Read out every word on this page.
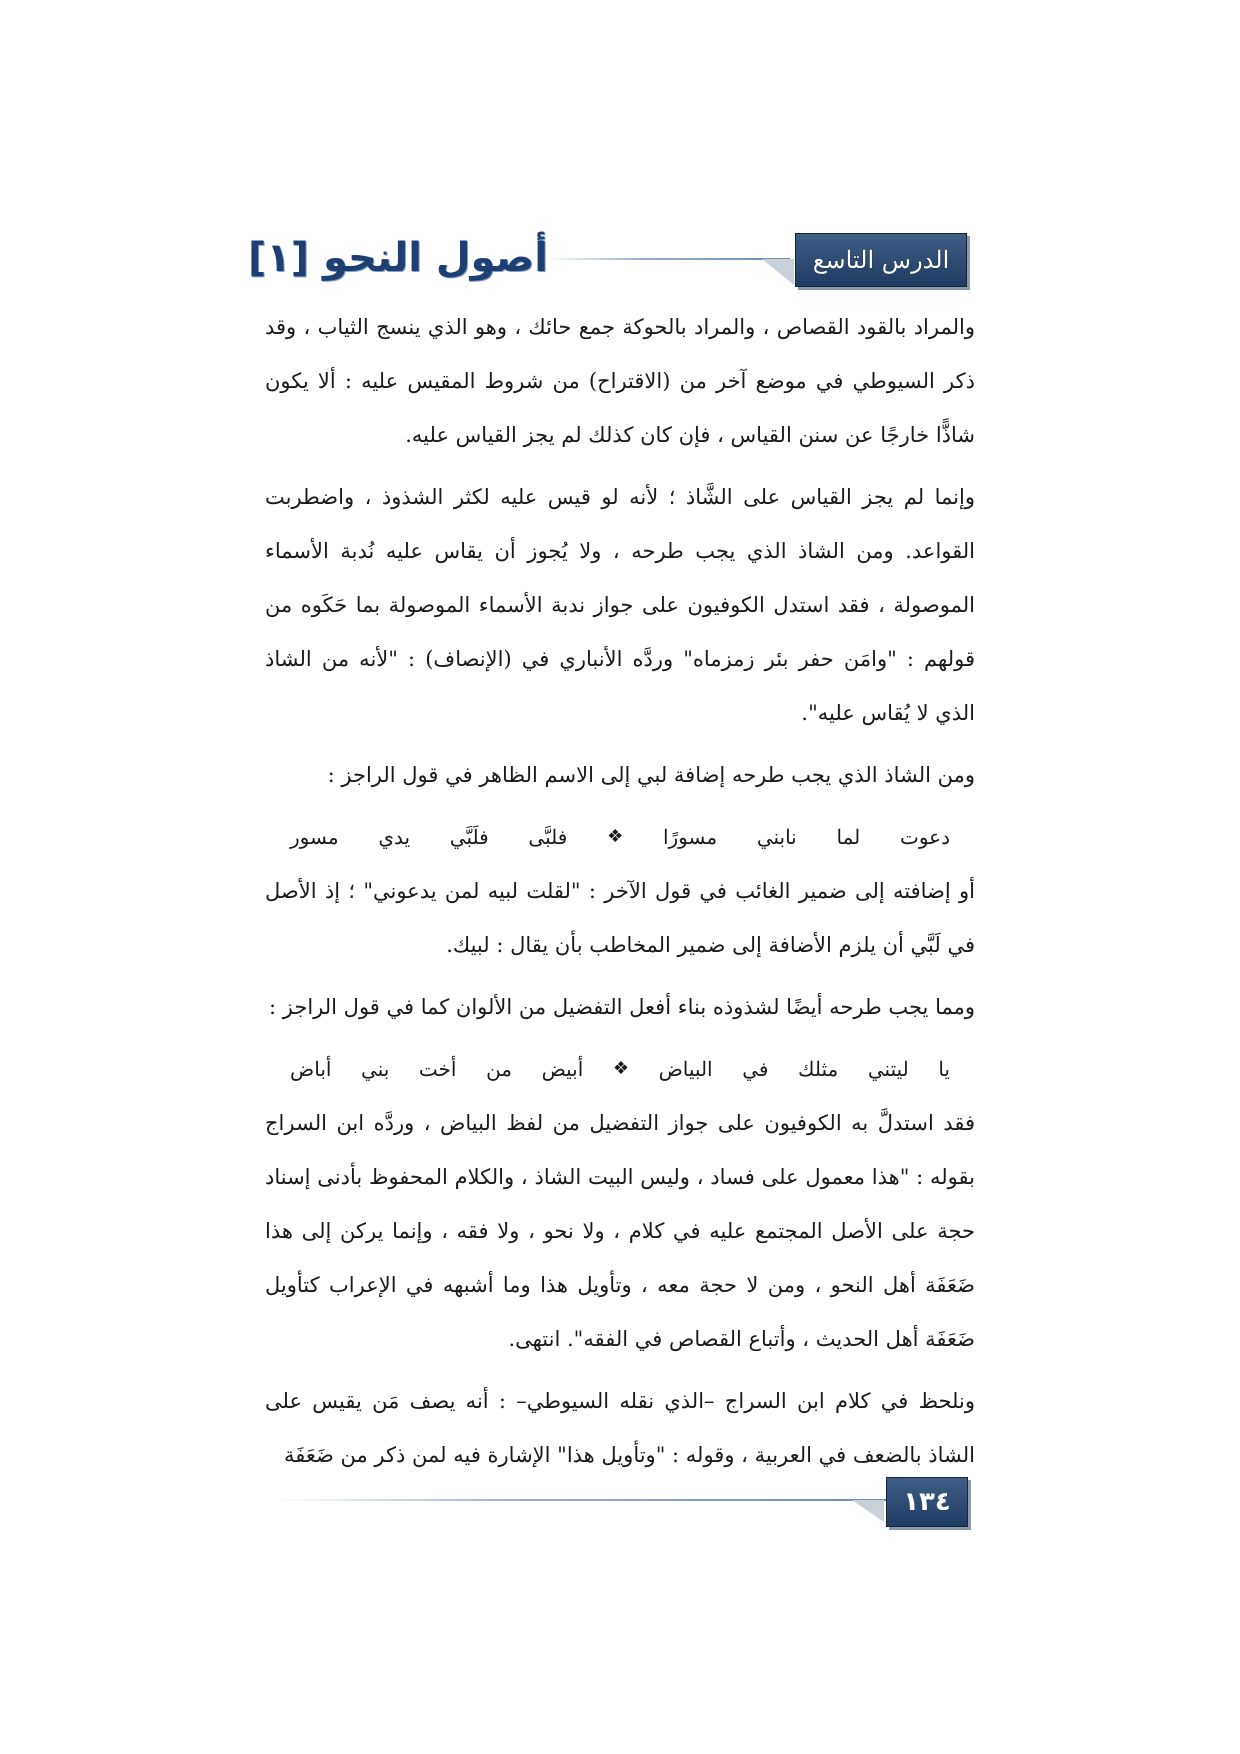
الدرس التاسع
أصول النحو [١]

والمراد بالقود القصاص ، والمراد بالحوكة جمع حائك ، وهو الذي ينسج الثياب ، وقد ذكر السيوطي في موضع آخر من (الاقتراح) من شروط المقيس عليه : ألا يكون شاذًّا خارجًا عن سنن القياس ، فإن كان كذلك لم يجز القياس عليه.

وإنما لم يجز القياس على الشَّاذ ؛ لأنه لو قيس عليه لكثر الشذوذ ، واضطربت القواعد. ومن الشاذ الذي يجب طرحه ، ولا يُجوز أن يقاس عليه نُدبة الأسماء الموصولة ، فقد استدل الكوفيون على جواز ندبة الأسماء الموصولة بما حَكَوه من قولهم : "وامَن حفر بئر زمزماه" وردَّه الأنباري في (الإنصاف) : "لأنه من الشاذ الذي لا يُقاس عليه".

ومن الشاذ الذي يجب طرحه إضافة لبي إلى الاسم الظاهر في قول الراجز :

دعوت
لما
نابني
مسورًا
❖
فلبَّى
فلَبَّي
يدي
مسور

أو إضافته إلى ضمير الغائب في قول الآخر : "لقلت لبيه لمن يدعوني" ؛ إذ الأصل في لَبَّي أن يلزم الأضافة إلى ضمير المخاطب بأن يقال : لبيك.

ومما يجب طرحه أيضًا لشذوذه بناء أفعل التفضيل من الألوان كما في قول الراجز :

يا
ليتني
مثلك
في
البياض
❖
أبيض
من
أخت
بني
أباض

فقد استدلَّ به الكوفيون على جواز التفضيل من لفظ البياض ، وردَّه ابن السراج بقوله : "هذا معمول على فساد ، وليس البيت الشاذ ، والكلام المحفوظ بأدنى إسناد حجة على الأصل المجتمع عليه في كلام ، ولا نحو ، ولا فقه ، وإنما يركن إلى هذا ضَعَفَة أهل النحو ، ومن لا حجة معه ، وتأويل هذا وما أشبهه في الإعراب كتأويل ضَعَفَة أهل الحديث ، وأتباع القصاص في الفقه". انتهى.

ونلحظ في كلام ابن السراج –الذي نقله السيوطي– : أنه يصف مَن يقيس على الشاذ بالضعف في العربية ، وقوله : "وتأويل هذا" الإشارة فيه لمن ذكر من ضَعَفَة

١٣٤
